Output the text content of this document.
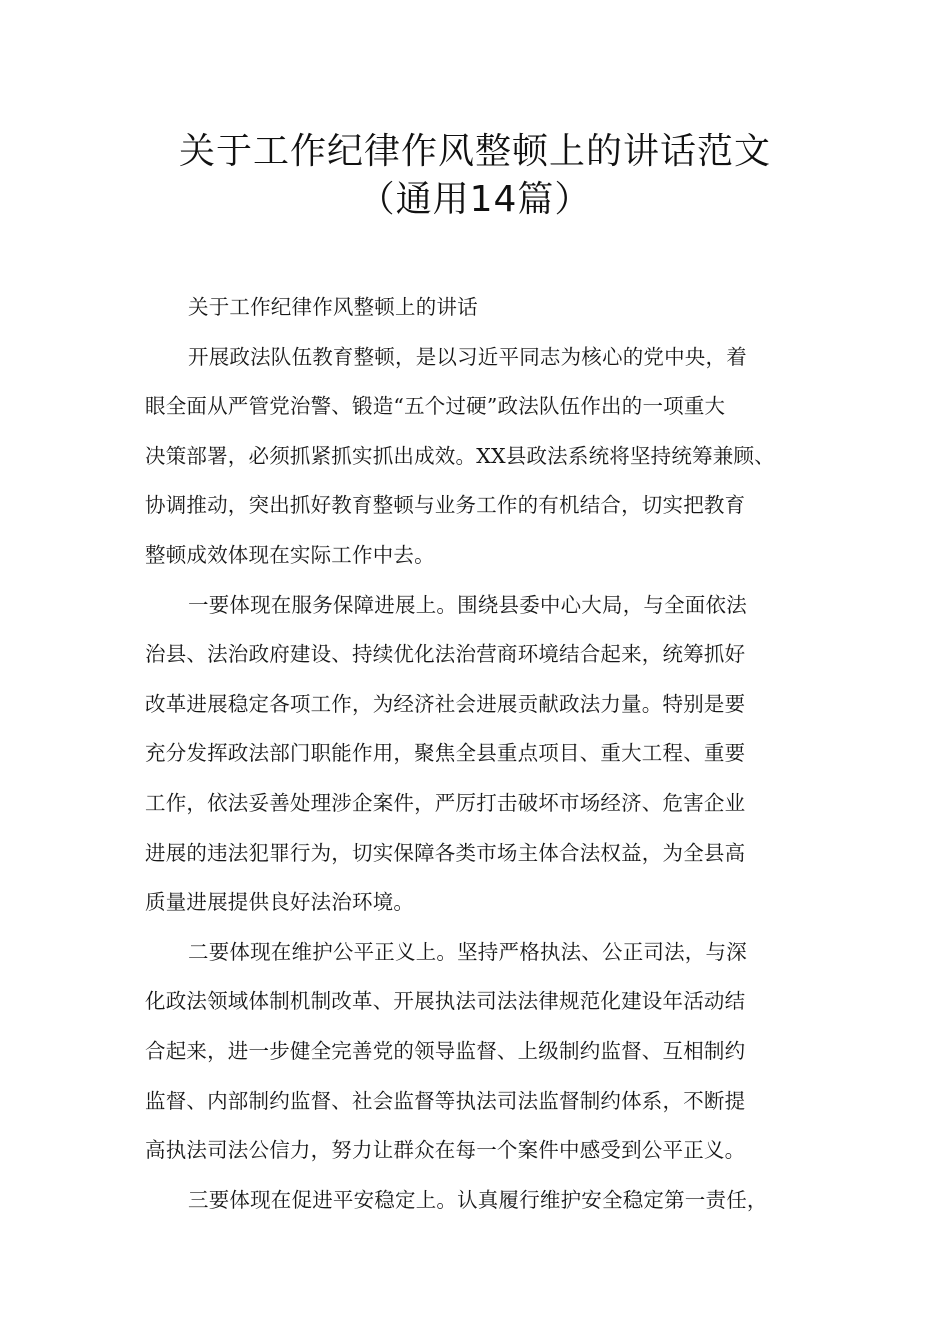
关于工作纪律作风整顿上的讲话范文
（通用14篇）
关于工作纪律作风整顿上的讲话
开展政法队伍教育整顿，是以习近平同志为核心的党中央，着
眼全面从严管党治警、锻造“五个过硬”政法队伍作出的一项重大
决策部署，必须抓紧抓实抓出成效。XX县政法系统将坚持统筹兼顾、
协调推动，突出抓好教育整顿与业务工作的有机结合，切实把教育
整顿成效体现在实际工作中去。
一要体现在服务保障进展上。围绕县委中心大局，与全面依法
治县、法治政府建设、持续优化法治营商环境结合起来，统筹抓好
改革进展稳定各项工作，为经济社会进展贡献政法力量。特别是要
充分发挥政法部门职能作用，聚焦全县重点项目、重大工程、重要
工作，依法妥善处理涉企案件，严厉打击破坏市场经济、危害企业
进展的违法犯罪行为，切实保障各类市场主体合法权益，为全县高
质量进展提供良好法治环境。
二要体现在维护公平正义上。坚持严格执法、公正司法，与深
化政法领域体制机制改革、开展执法司法法律规范化建设年活动结
合起来，进一步健全完善党的领导监督、上级制约监督、互相制约
监督、内部制约监督、社会监督等执法司法监督制约体系，不断提
高执法司法公信力，努力让群众在每一个案件中感受到公平正义。
三要体现在促进平安稳定上。认真履行维护安全稳定第一责任，
